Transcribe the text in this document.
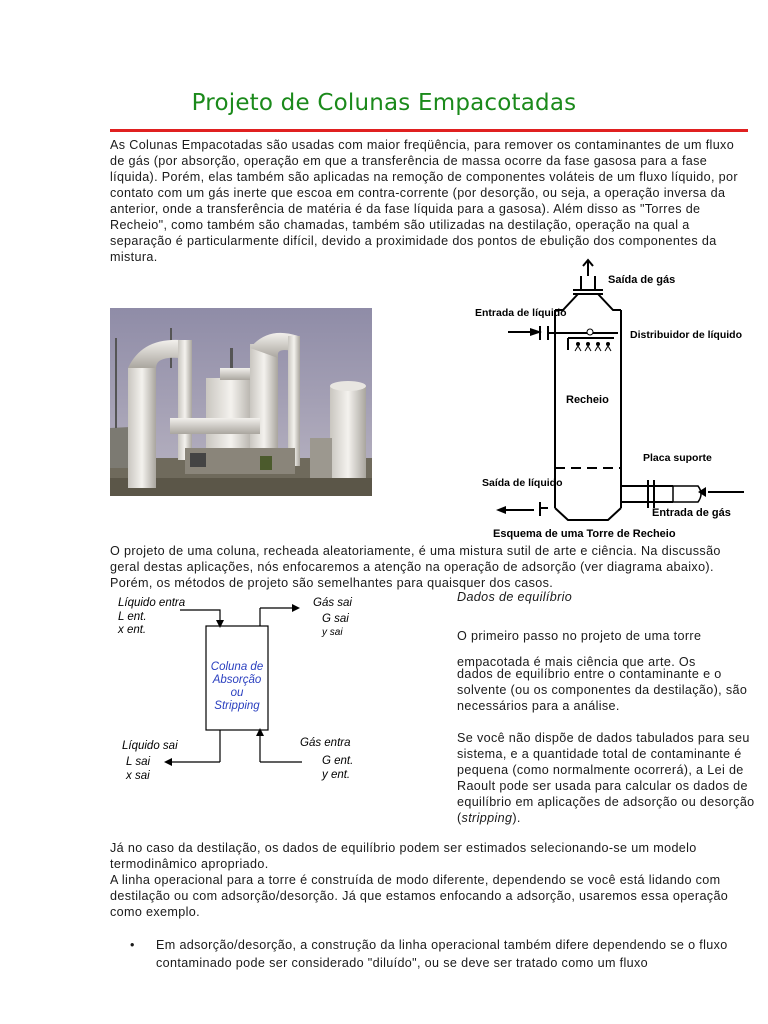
Projeto de Colunas Empacotadas
As Colunas Empacotadas são usadas com maior freqüência, para remover os contaminantes de um fluxo de gás (por absorção, operação em que a transferência de massa ocorre da fase gasosa para a fase líquida). Porém, elas também são aplicadas na remoção de componentes voláteis de um fluxo líquido, por contato com um gás inerte que escoa em contra-corrente (por desorção, ou seja, a operação inversa da anterior, onde a transferência de matéria é da fase líquida para a gasosa). Além disso as "Torres de Recheio", como também são chamadas, também são utilizadas na destilação, operação na qual a separação é particularmente difícil, devido a proximidade dos pontos de ebulição dos componentes da mistura.
Saída de gás
Entrada de líquido
Distribuidor de líquido
Recheio
Placa suporte
Saída de líquido
Entrada de gás
Esquema de uma Torre de Recheio
O projeto de uma coluna, recheada aleatoriamente, é uma mistura sutil de arte e ciência. Na discussão geral destas aplicações, nós enfocaremos a atenção na operação de adsorção (ver diagrama abaixo). Porém, os métodos de projeto são semelhantes para quaisquer dos casos.
Líquido entra
L ent.
x ent.
Gás sai
G sai
y sai
Líquido sai
L sai
x sai
Gás entra
G ent.
y ent.
Coluna de
Absorção
ou
Stripping
Dados de equilíbrio
O primeiro passo no projeto de uma torre empacotada é mais ciência que arte. Os
dados de equilíbrio entre o contaminante e o solvente (ou os componentes da destilação), são necessários para a análise.
Se você não dispõe de dados tabulados para seu sistema, e a quantidade total de contaminante é pequena (como normalmente ocorrerá), a Lei de Raoult pode ser usada para calcular os dados de equilíbrio em aplicações de adsorção ou desorção (stripping).
Já no caso da destilação, os dados de equilíbrio podem ser estimados selecionando-se um modelo termodinâmico apropriado.
A linha operacional para a torre é construída de modo diferente, dependendo se você está lidando com destilação ou com adsorção/desorção. Já que estamos enfocando a adsorção, usaremos essa operação como exemplo.
• Em adsorção/desorção, a construção da linha operacional também difere dependendo se o fluxo contaminado pode ser considerado "diluído", ou se deve ser tratado como um fluxo
